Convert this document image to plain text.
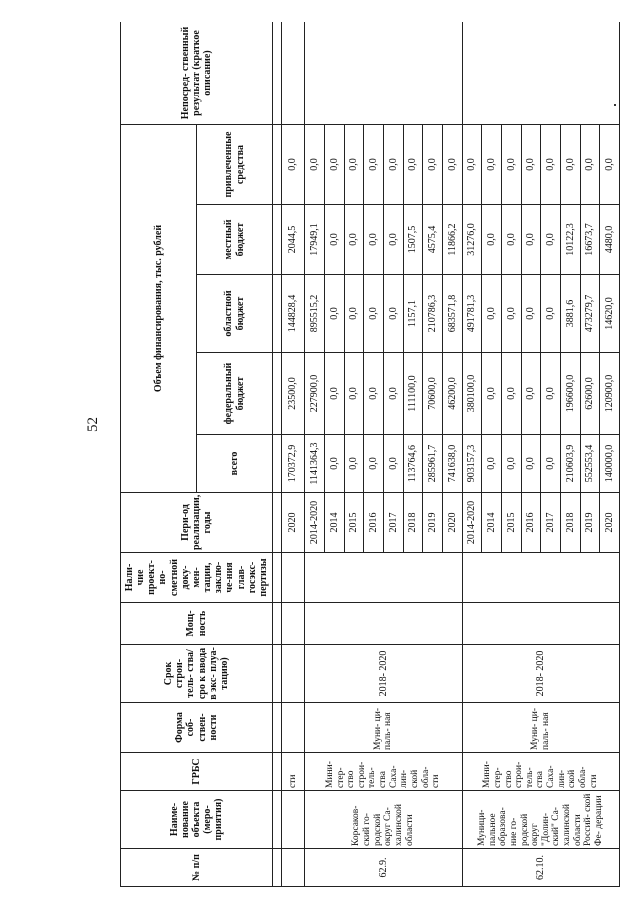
52
№ п/п	Наиме- нование объекта (меро- приятия)	ГРБС	Форма соб- ствен- ности	Срок строи- тель- ства/сро к ввода в экс- плуа- тацию)	Мощ- ность	Нали- чие проект- но- сметной доку- мен- тации, заклю- че-ния глав- госэкс- пертизы	Пери-од реализации, годы	Объем финансирования, тыс. рублей					Непосред- ственный результат (краткое описание)
								всего	федеральный бюджет	областной бюджет	местный бюджет	привлеченные средства	

		сти					2020	170372,9	23500,0	144828,4	2044,5	0,0	
62.9.	Корсаков- ский го- родской округ Са- халинской области	Мини- стер- ство строи- тель- ства Саха- лин- ской обла- сти	Муни- ци- паль- ная	2018- 2020			2014-2020	1141364,3	227900,0	895515,2	17949,1	0,0	
							2014	0,0	0,0	0,0	0,0	0,0	
							2015	0,0	0,0	0,0	0,0	0,0	
							2016	0,0	0,0	0,0	0,0	0,0	
							2017	0,0	0,0	0,0	0,0	0,0	
							2018	113764,6	111100,0	1157,1	1507,5	0,0	
							2019	285961,7	70600,0	210786,3	4575,4	0,0	
							2020	741638,0	46200,0	683571,8	11866,2	0,0	
62.10.	Муници- пальное образова- ние го- родской округ "Долин- ский" Са- халинской области Россий- ской Фе- дерации	Мини- стер- ство строи- тель- ства Саха- лин- ской обла- сти	Муни- ци- паль- ная	2018- 2020			2014-2020	903157,3	380100,0	491781,3	31276,0	0,0	
							2014	0,0	0,0	0,0	0,0	0,0	
							2015	0,0	0,0	0,0	0,0	0,0	
							2016	0,0	0,0	0,0	0,0	0,0	
							2017	0,0	0,0	0,0	0,0	0,0	
							2018	210603,9	196600,0	3881,6	10122,3	0,0	
							2019	552553,4	62600,0	473279,7	16673,7	0,0	
							2020	140000,0	120900,0	14620,0	4480,0	0,0	
